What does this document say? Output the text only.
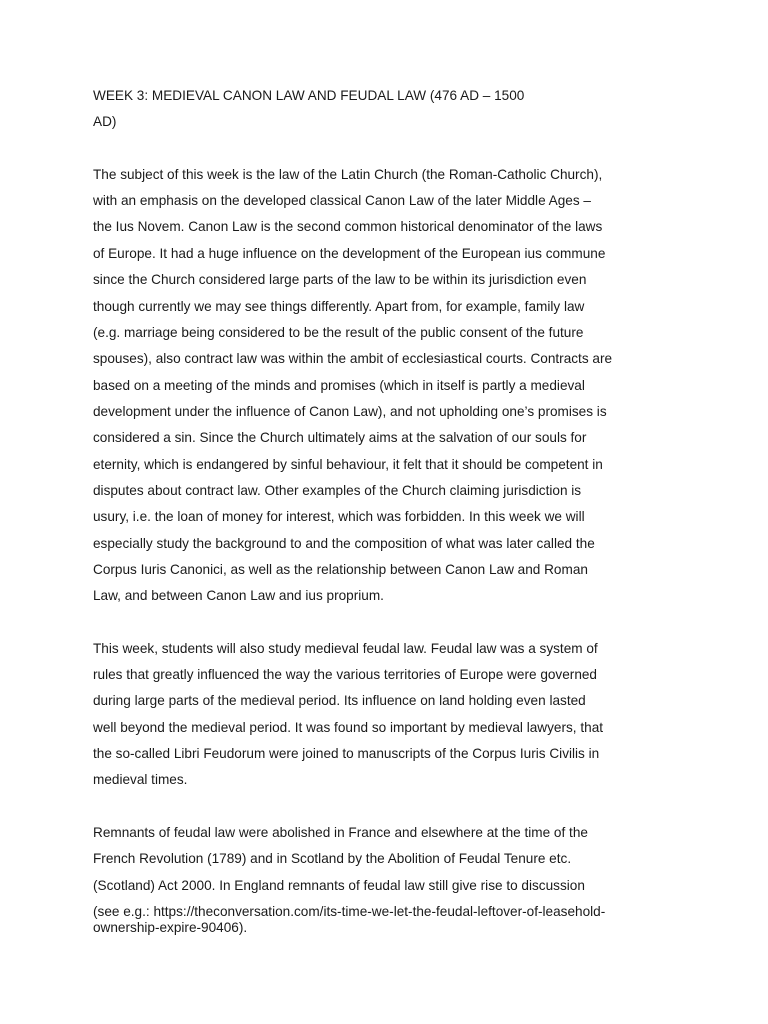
WEEK 3: MEDIEVAL CANON LAW AND FEUDAL LAW (476 AD – 1500
AD)
The subject of this week is the law of the Latin Church (the Roman-Catholic Church),
with an emphasis on the developed classical Canon Law of the later Middle Ages –
the Ius Novem. Canon Law is the second common historical denominator of the laws
of Europe. It had a huge influence on the development of the European ius commune
since the Church considered large parts of the law to be within its jurisdiction even
though currently we may see things differently. Apart from, for example, family law
(e.g. marriage being considered to be the result of the public consent of the future
spouses), also contract law was within the ambit of ecclesiastical courts. Contracts are
based on a meeting of the minds and promises (which in itself is partly a medieval
development under the influence of Canon Law), and not upholding one’s promises is
considered a sin. Since the Church ultimately aims at the salvation of our souls for
eternity, which is endangered by sinful behaviour, it felt that it should be competent in
disputes about contract law. Other examples of the Church claiming jurisdiction is
usury, i.e. the loan of money for interest, which was forbidden. In this week we will
especially study the background to and the composition of what was later called the
Corpus Iuris Canonici, as well as the relationship between Canon Law and Roman
Law, and between Canon Law and ius proprium.
This week, students will also study medieval feudal law. Feudal law was a system of
rules that greatly influenced the way the various territories of Europe were governed
during large parts of the medieval period. Its influence on land holding even lasted
well beyond the medieval period. It was found so important by medieval lawyers, that
the so-called Libri Feudorum were joined to manuscripts of the Corpus Iuris Civilis in
medieval times.
Remnants of feudal law were abolished in France and elsewhere at the time of the
French Revolution (1789) and in Scotland by the Abolition of Feudal Tenure etc.
(Scotland) Act 2000. In England remnants of feudal law still give rise to discussion
(see e.g.: https://theconversation.com/its-time-we-let-the-feudal-leftover-of-leasehold-
ownership-expire-90406).
